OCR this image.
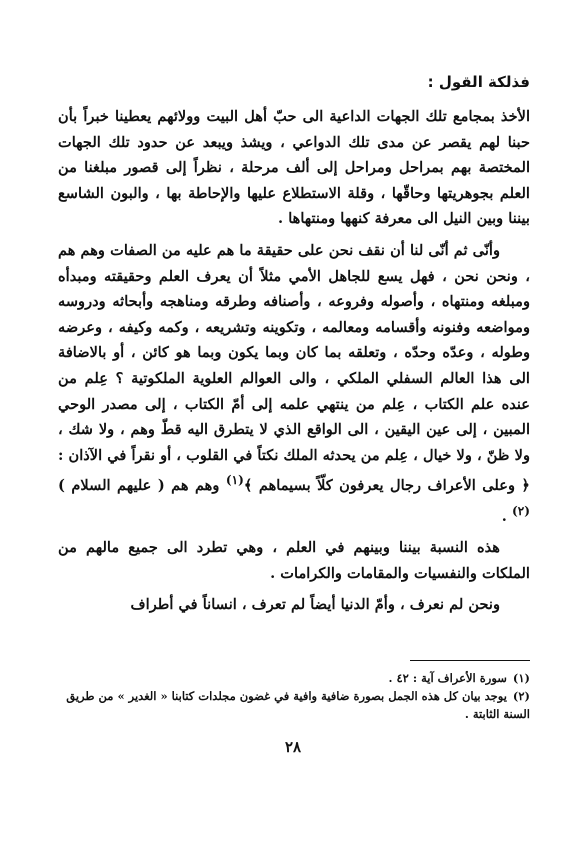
فذلكة القول :

الأخذ بمجامع تلك الجهات الداعية الى حبّ أهل البيت وولائهم يعطينا خبراً بأن حبنا لهم يقصر عن مدى تلك الدواعي ، ويشذ ويبعد عن حدود تلك الجهات المختصة بهم بمراحل ومراحل إلى ألف مرحلة ، نظراً إلى قصور مبلغنا من العلم بجوهريتها وحاقّها ، وقلة الاستطلاع عليها والإحاطة بها ، والبون الشاسع بيننا وبين النيل الى معرفة كنهها ومنتهاها .

وأنّى ثم أنّى لنا أن نقف نحن على حقيقة ما هم عليه من الصفات وهم هم ، ونحن نحن ، فهل يسع للجاهل الأمي مثلاً أن يعرف العلم وحقيقته ومبدأه ومبلغه ومنتهاه ، وأصوله وفروعه ، وأصنافه وطرقه ومناهجه وأبحاثه ودروسه ومواضعه وفنونه وأقسامه ومعالمه ، وتكوينه وتشريعه ، وكمه وكيفه ، وعرضه وطوله ، وعدّه وحدّه ، وتعلقه بما كان وبما يكون وبما هو كائن ، أو بالاضافة الى هذا العالم السفلي الملكي ، والى العوالم العلوية الملكوتية ؟ عِلم من عنده علم الكتاب ، عِلم من ينتهي علمه إلى أمّ الكتاب ، إلى مصدر الوحي المبين ، إلى عين اليقين ، الى الواقع الذي لا يتطرق اليه قطّ وهم ، ولا شك ، ولا ظنّ ، ولا خيال ، عِلم من يحدثه الملك نكتاً في القلوب ، أو نقراً في الآذان : ﴿ وعلى الأعراف رجال يعرفون كلّاً بسيماهم ﴾$^{(١)}$ وهم هم ( عليهم السلام )$^{(٢)}$ .

هذه النسبة بيننا وبينهم في العلم ، وهي تطرد الى جميع مالهم من الملكات والنفسيات والمقامات والكرامات .

ونحن لم نعرف ، وأمّ الدنيا أيضاً لم تعرف ، انساناً في أطراف

(١)سورة الأعراف آية : ٤٢ .

(٢)يوجد بيان كل هذه الجمل بصورة ضافية وافية في غضون مجلدات كتابنا « الغدير » من طريق السنة الثابتة .

٢٨
